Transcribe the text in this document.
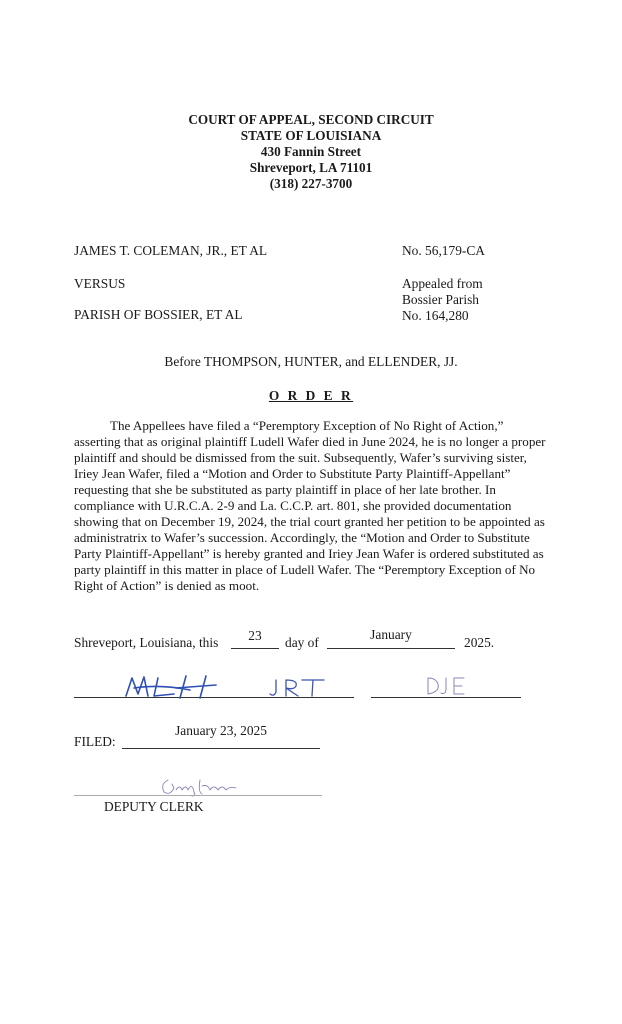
COURT OF APPEAL, SECOND CIRCUIT
STATE OF LOUISIANA
430 Fannin Street
Shreveport, LA 71101
(318) 227-3700
JAMES T. COLEMAN, JR., ET AL
VERSUS
PARISH OF BOSSIER, ET AL
No. 56,179-CA
Appealed from
Bossier Parish
No. 164,280
Before THOMPSON, HUNTER, and ELLENDER, JJ.
O R D E R

The Appellees have filed a “Peremptory Exception of No Right of Action,” asserting that as original plaintiff Ludell Wafer died in June 2024, he is no longer a proper plaintiff and should be dismissed from the suit. Subsequently, Wafer’s surviving sister, Iriey Jean Wafer, filed a “Motion and Order to Substitute Party Plaintiff-Appellant” requesting that she be substituted as party plaintiff in place of her late brother. In compliance with U.R.C.A. 2-9 and La. C.C.P. art. 801, she provided documentation showing that on December 19, 2024, the trial court granted her petition to be appointed as administratrix to Wafer’s succession. Accordingly, the “Motion and Order to Substitute Party Plaintiff-Appellant” is hereby granted and Iriey Jean Wafer is ordered substituted as party plaintiff in this matter in place of Ludell Wafer. The “Peremptory Exception of No Right of Action” is denied as moot.

Shreveport, Louisiana, this	23	day of
January
2025.
FILED:
January 23, 2025
DEPUTY CLERK
